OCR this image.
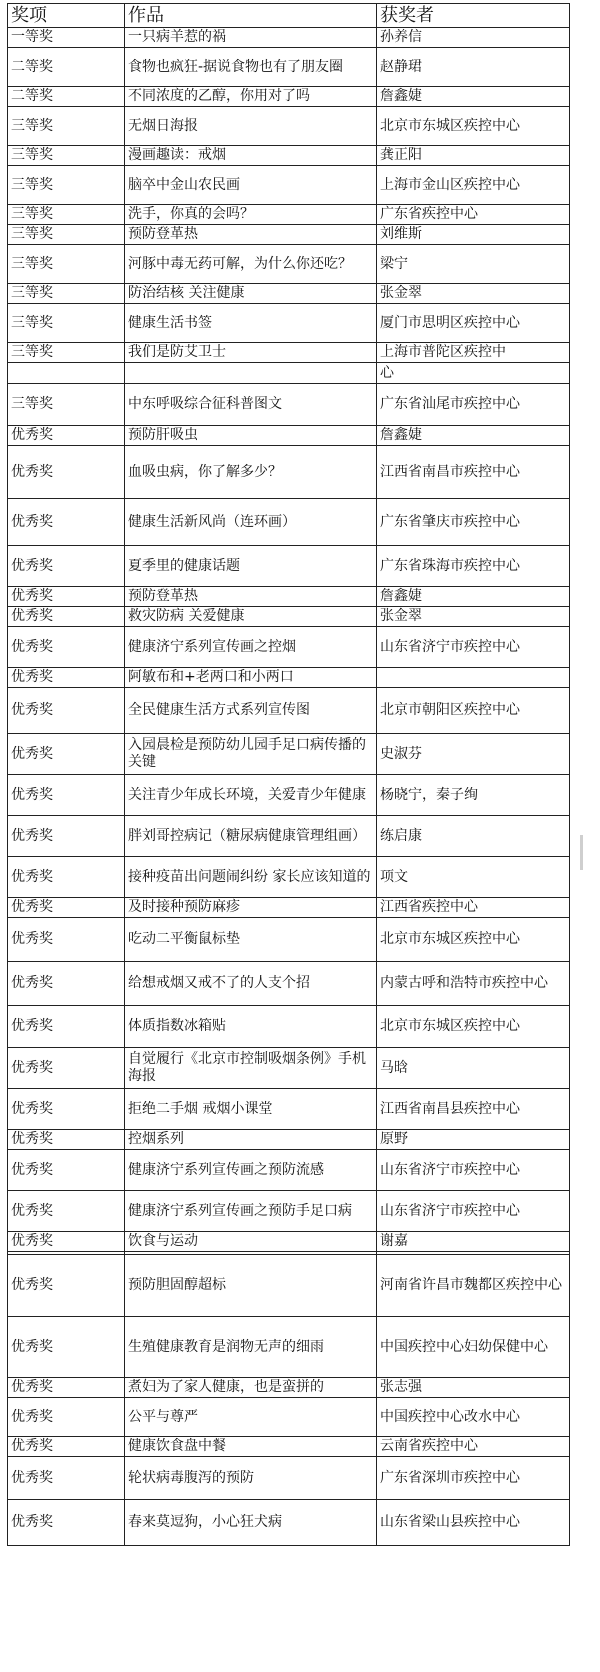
奖项	作品	获奖者
一等奖	一只病羊惹的祸	孙养信
二等奖	食物也疯狂-据说食物也有了朋友圈	赵静珺
二等奖	不同浓度的乙醇，你用对了吗	詹鑫婕
三等奖	无烟日海报	北京市东城区疾控中心
三等奖	漫画趣读：戒烟	龚正阳
三等奖	脑卒中金山农民画	上海市金山区疾控中心
三等奖	洗手，你真的会吗？	广东省疾控中心
三等奖	预防登革热	刘维斯
三等奖	河豚中毒无药可解，为什么你还吃？	梁宁
三等奖	防治结核 关注健康	张金翠
三等奖	健康生活书签	厦门市思明区疾控中心
三等奖	我们是防艾卫士	上海市普陀区疾控中
		心
三等奖	中东呼吸综合征科普图文	广东省汕尾市疾控中心
优秀奖	预防肝吸虫	詹鑫婕
优秀奖	血吸虫病，你了解多少？	江西省南昌市疾控中心
优秀奖	健康生活新风尚（连环画）	广东省肇庆市疾控中心
优秀奖	夏季里的健康话题	广东省珠海市疾控中心
优秀奖	预防登革热	詹鑫婕
优秀奖	救灾防病 关爱健康	张金翠
优秀奖	健康济宁系列宣传画之控烟	山东省济宁市疾控中心
优秀奖	阿敏布和+老两口和小两口	
优秀奖	全民健康生活方式系列宣传图	北京市朝阳区疾控中心
优秀奖	入园晨检是预防幼儿园手足口病传播的关键	史淑芬
优秀奖	关注青少年成长环境，关爱青少年健康	杨晓宁，秦子绚
优秀奖	胖刘哥控病记（糖尿病健康管理组画）	练启康
优秀奖	接种疫苗出问题闹纠纷 家长应该知道的	项文
优秀奖	及时接种预防麻疹	江西省疾控中心
优秀奖	吃动二平衡鼠标垫	北京市东城区疾控中心
优秀奖	给想戒烟又戒不了的人支个招	内蒙古呼和浩特市疾控中心
优秀奖	体质指数冰箱贴	北京市东城区疾控中心
优秀奖	自觉履行《北京市控制吸烟条例》手机海报	马晗
优秀奖	拒绝二手烟 戒烟小课堂	江西省南昌县疾控中心
优秀奖	控烟系列	原野
优秀奖	健康济宁系列宣传画之预防流感	山东省济宁市疾控中心
优秀奖	健康济宁系列宣传画之预防手足口病	山东省济宁市疾控中心
优秀奖	饮食与运动	谢嘉

优秀奖	预防胆固醇超标	河南省许昌市魏都区疾控中心
优秀奖	生殖健康教育是润物无声的细雨	中国疾控中心妇幼保健中心
优秀奖	煮妇为了家人健康，也是蛮拼的	张志强
优秀奖	公平与尊严	中国疾控中心改水中心
优秀奖	健康饮食盘中餐	云南省疾控中心
优秀奖	轮状病毒腹泻的预防	广东省深圳市疾控中心
优秀奖	春来莫逗狗，小心狂犬病	山东省梁山县疾控中心
